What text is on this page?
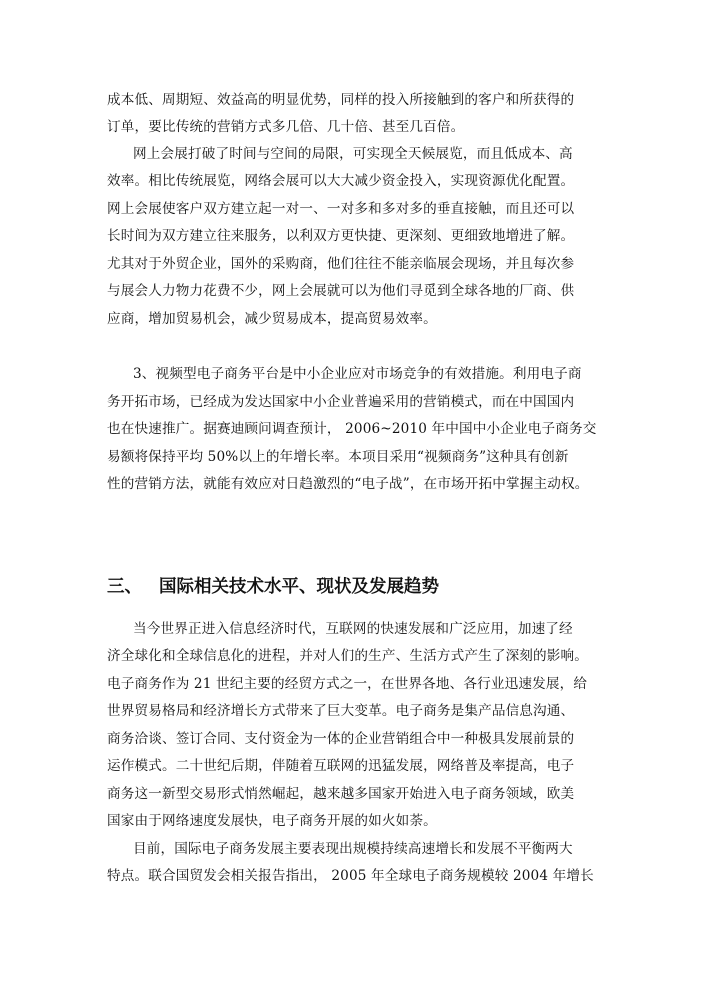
成本低、周期短、效益高的明显优势，同样的投入所接触到的客户和所获得的
订单，要比传统的营销方式多几倍、几十倍、甚至几百倍。
网上会展打破了时间与空间的局限，可实现全天候展览，而且低成本、高
效率。相比传统展览，网络会展可以大大减少资金投入，实现资源优化配置。
网上会展使客户双方建立起一对一、一对多和多对多的垂直接触，而且还可以
长时间为双方建立往来服务，以利双方更快捷、更深刻、更细致地增进了解。
尤其对于外贸企业，国外的采购商，他们往往不能亲临展会现场，并且每次参
与展会人力物力花费不少，网上会展就可以为他们寻觅到全球各地的厂商、供
应商，增加贸易机会，减少贸易成本，提高贸易效率。
3、视频型电子商务平台是中小企业应对市场竞争的有效措施。利用电子商
务开拓市场，已经成为发达国家中小企业普遍采用的营销模式，而在中国国内
也在快速推广。据赛迪顾问调查预计， 2006~2010 年中国中小企业电子商务交
易额将保持平均 50%以上的年增长率。本项目采用“视频商务”这种具有创新
性的营销方法，就能有效应对日趋激烈的“电子战”，在市场开拓中掌握主动权。
三、 国际相关技术水平、现状及发展趋势
当今世界正进入信息经济时代，互联网的快速发展和广泛应用，加速了经
济全球化和全球信息化的进程，并对人们的生产、生活方式产生了深刻的影响。
电子商务作为 21 世纪主要的经贸方式之一，在世界各地、各行业迅速发展，给
世界贸易格局和经济增长方式带来了巨大变革。电子商务是集产品信息沟通、
商务洽谈、签订合同、支付资金为一体的企业营销组合中一种极具发展前景的
运作模式。二十世纪后期，伴随着互联网的迅猛发展，网络普及率提高，电子
商务这一新型交易形式悄然崛起，越来越多国家开始进入电子商务领域，欧美
国家由于网络速度发展快，电子商务开展的如火如荼。
目前，国际电子商务发展主要表现出规模持续高速增长和发展不平衡两大
特点。联合国贸发会相关报告指出， 2005 年全球电子商务规模较 2004 年增长
